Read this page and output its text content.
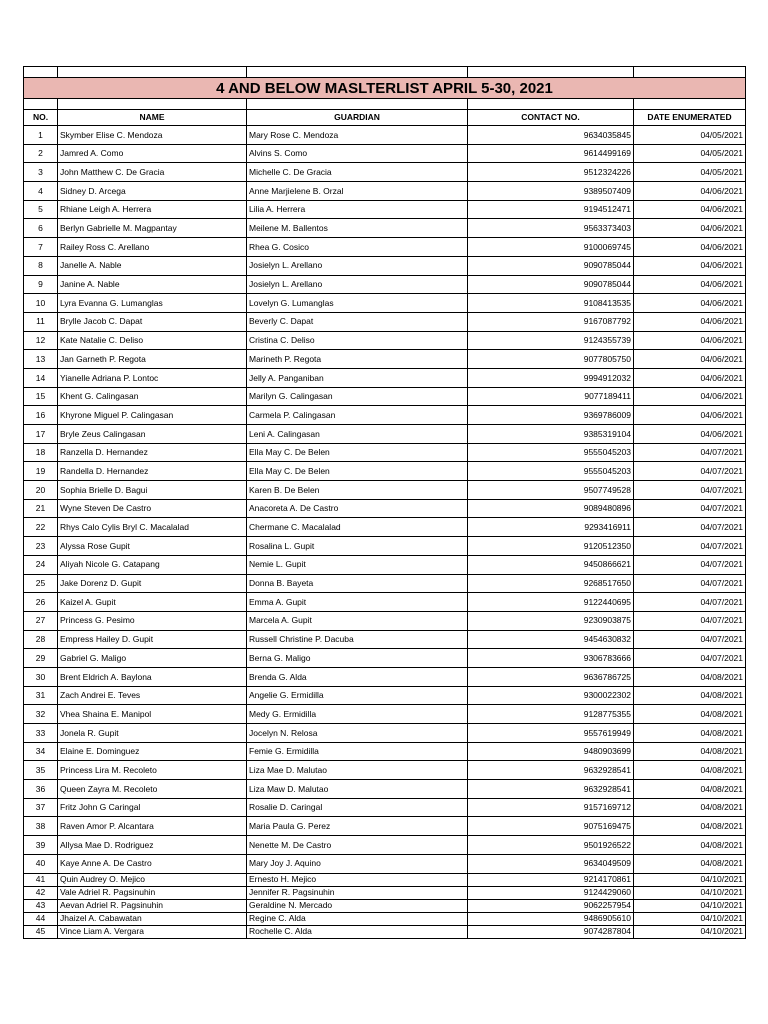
4 AND BELOW MASLTERLIST APRIL 5-30, 2021				

NO.	NAME	GUARDIAN	CONTACT NO.	DATE ENUMERATED
1	Skymber Elise C. Mendoza	Mary Rose C. Mendoza	9634035845	04/05/2021
2	Jamred A. Como	Alvins S. Como	9614499169	04/05/2021
3	John Matthew C. De Gracia	Michelle C. De Gracia	9512324226	04/05/2021
4	Sidney D. Arcega	Anne Marjielene B. Orzal	9389507409	04/06/2021
5	Rhiane Leigh A. Herrera	Lilia A. Herrera	9194512471	04/06/2021
6	Berlyn Gabrielle M. Magpantay	Meilene M. Ballentos	9563373403	04/06/2021
7	Railey Ross C. Arellano	Rhea G. Cosico	9100069745	04/06/2021
8	Janelle A. Nable	Josielyn L. Arellano	9090785044	04/06/2021
9	Janine A. Nable	Josielyn L. Arellano	9090785044	04/06/2021
10	Lyra Evanna G. Lumanglas	Lovelyn G. Lumanglas	9108413535	04/06/2021
11	Brylle Jacob C. Dapat	Beverly C. Dapat	9167087792	04/06/2021
12	Kate Natalie C. Deliso	Cristina C. Deliso	9124355739	04/06/2021
13	Jan Garneth P. Regota	Marineth P. Regota	9077805750	04/06/2021
14	Yianelle Adriana P. Lontoc	Jelly A. Panganiban	9994912032	04/06/2021
15	Khent G. Calingasan	Marilyn G. Calingasan	9077189411	04/06/2021
16	Khyrone Miguel P. Calingasan	Carmela P. Calingasan	9369786009	04/06/2021
17	Bryle Zeus Calingasan	Leni A. Calingasan	9385319104	04/06/2021
18	Ranzella D. Hernandez	Ella May C. De Belen	9555045203	04/07/2021
19	Randella D. Hernandez	Ella May C. De Belen	9555045203	04/07/2021
20	Sophia Brielle D. Bagui	Karen B. De Belen	9507749528	04/07/2021
21	Wyne Steven De Castro	Anacoreta A. De Castro	9089480896	04/07/2021
22	Rhys Calo Cylis Bryl C. Macalalad	Chermane C. Macalalad	9293416911	04/07/2021
23	Alyssa Rose Gupit	Rosalina L. Gupit	9120512350	04/07/2021
24	Aliyah Nicole G. Catapang	Nemie L. Gupit	9450866621	04/07/2021
25	Jake Dorenz D. Gupit	Donna B. Bayeta	9268517650	04/07/2021
26	Kaizel A. Gupit	Emma A. Gupit	9122440695	04/07/2021
27	Princess G. Pesimo	Marcela A. Gupit	9230903875	04/07/2021
28	Empress Hailey D. Gupit	Russell Christine P. Dacuba	9454630832	04/07/2021
29	Gabriel G. Maligo	Berna G. Maligo	9306783666	04/07/2021
30	Brent Eldrich A. Baylona	Brenda G. Alda	9636786725	04/08/2021
31	Zach Andrei E. Teves	Angelie G. Ermidilla	9300022302	04/08/2021
32	Vhea Shaina E. Manipol	Medy G. Ermidilla	9128775355	04/08/2021
33	Jonela R. Gupit	Jocelyn N. Relosa	9557619949	04/08/2021
34	Elaine E. Dominguez	Femie G. Ermidilla	9480903699	04/08/2021
35	Princess Lira M. Recoleto	Liza Mae D. Malutao	9632928541	04/08/2021
36	Queen Zayra M. Recoleto	Liza Maw D. Malutao	9632928541	04/08/2021
37	Fritz John G Caringal	Rosalie D. Caringal	9157169712	04/08/2021
38	Raven Amor P. Alcantara	Maria Paula G. Perez	9075169475	04/08/2021
39	Allysa Mae D. Rodriguez	Nenette M. De Castro	9501926522	04/08/2021
40	Kaye Anne A. De Castro	Mary Joy J. Aquino	9634049509	04/08/2021
41	Quin Audrey O. Mejico	Ernesto H. Mejico	9214170861	04/10/2021
42	Vale Adriel R. Pagsinuhin	Jennifer R. Pagsinuhin	9124429060	04/10/2021
43	Aevan Adriel R. Pagsinuhin	Geraldine N. Mercado	9062257954	04/10/2021
44	Jhaizel A. Cabawatan	Regine C. Alda	9486905610	04/10/2021
45	Vince Liam A. Vergara	Rochelle C. Alda	9074287804	04/10/2021
